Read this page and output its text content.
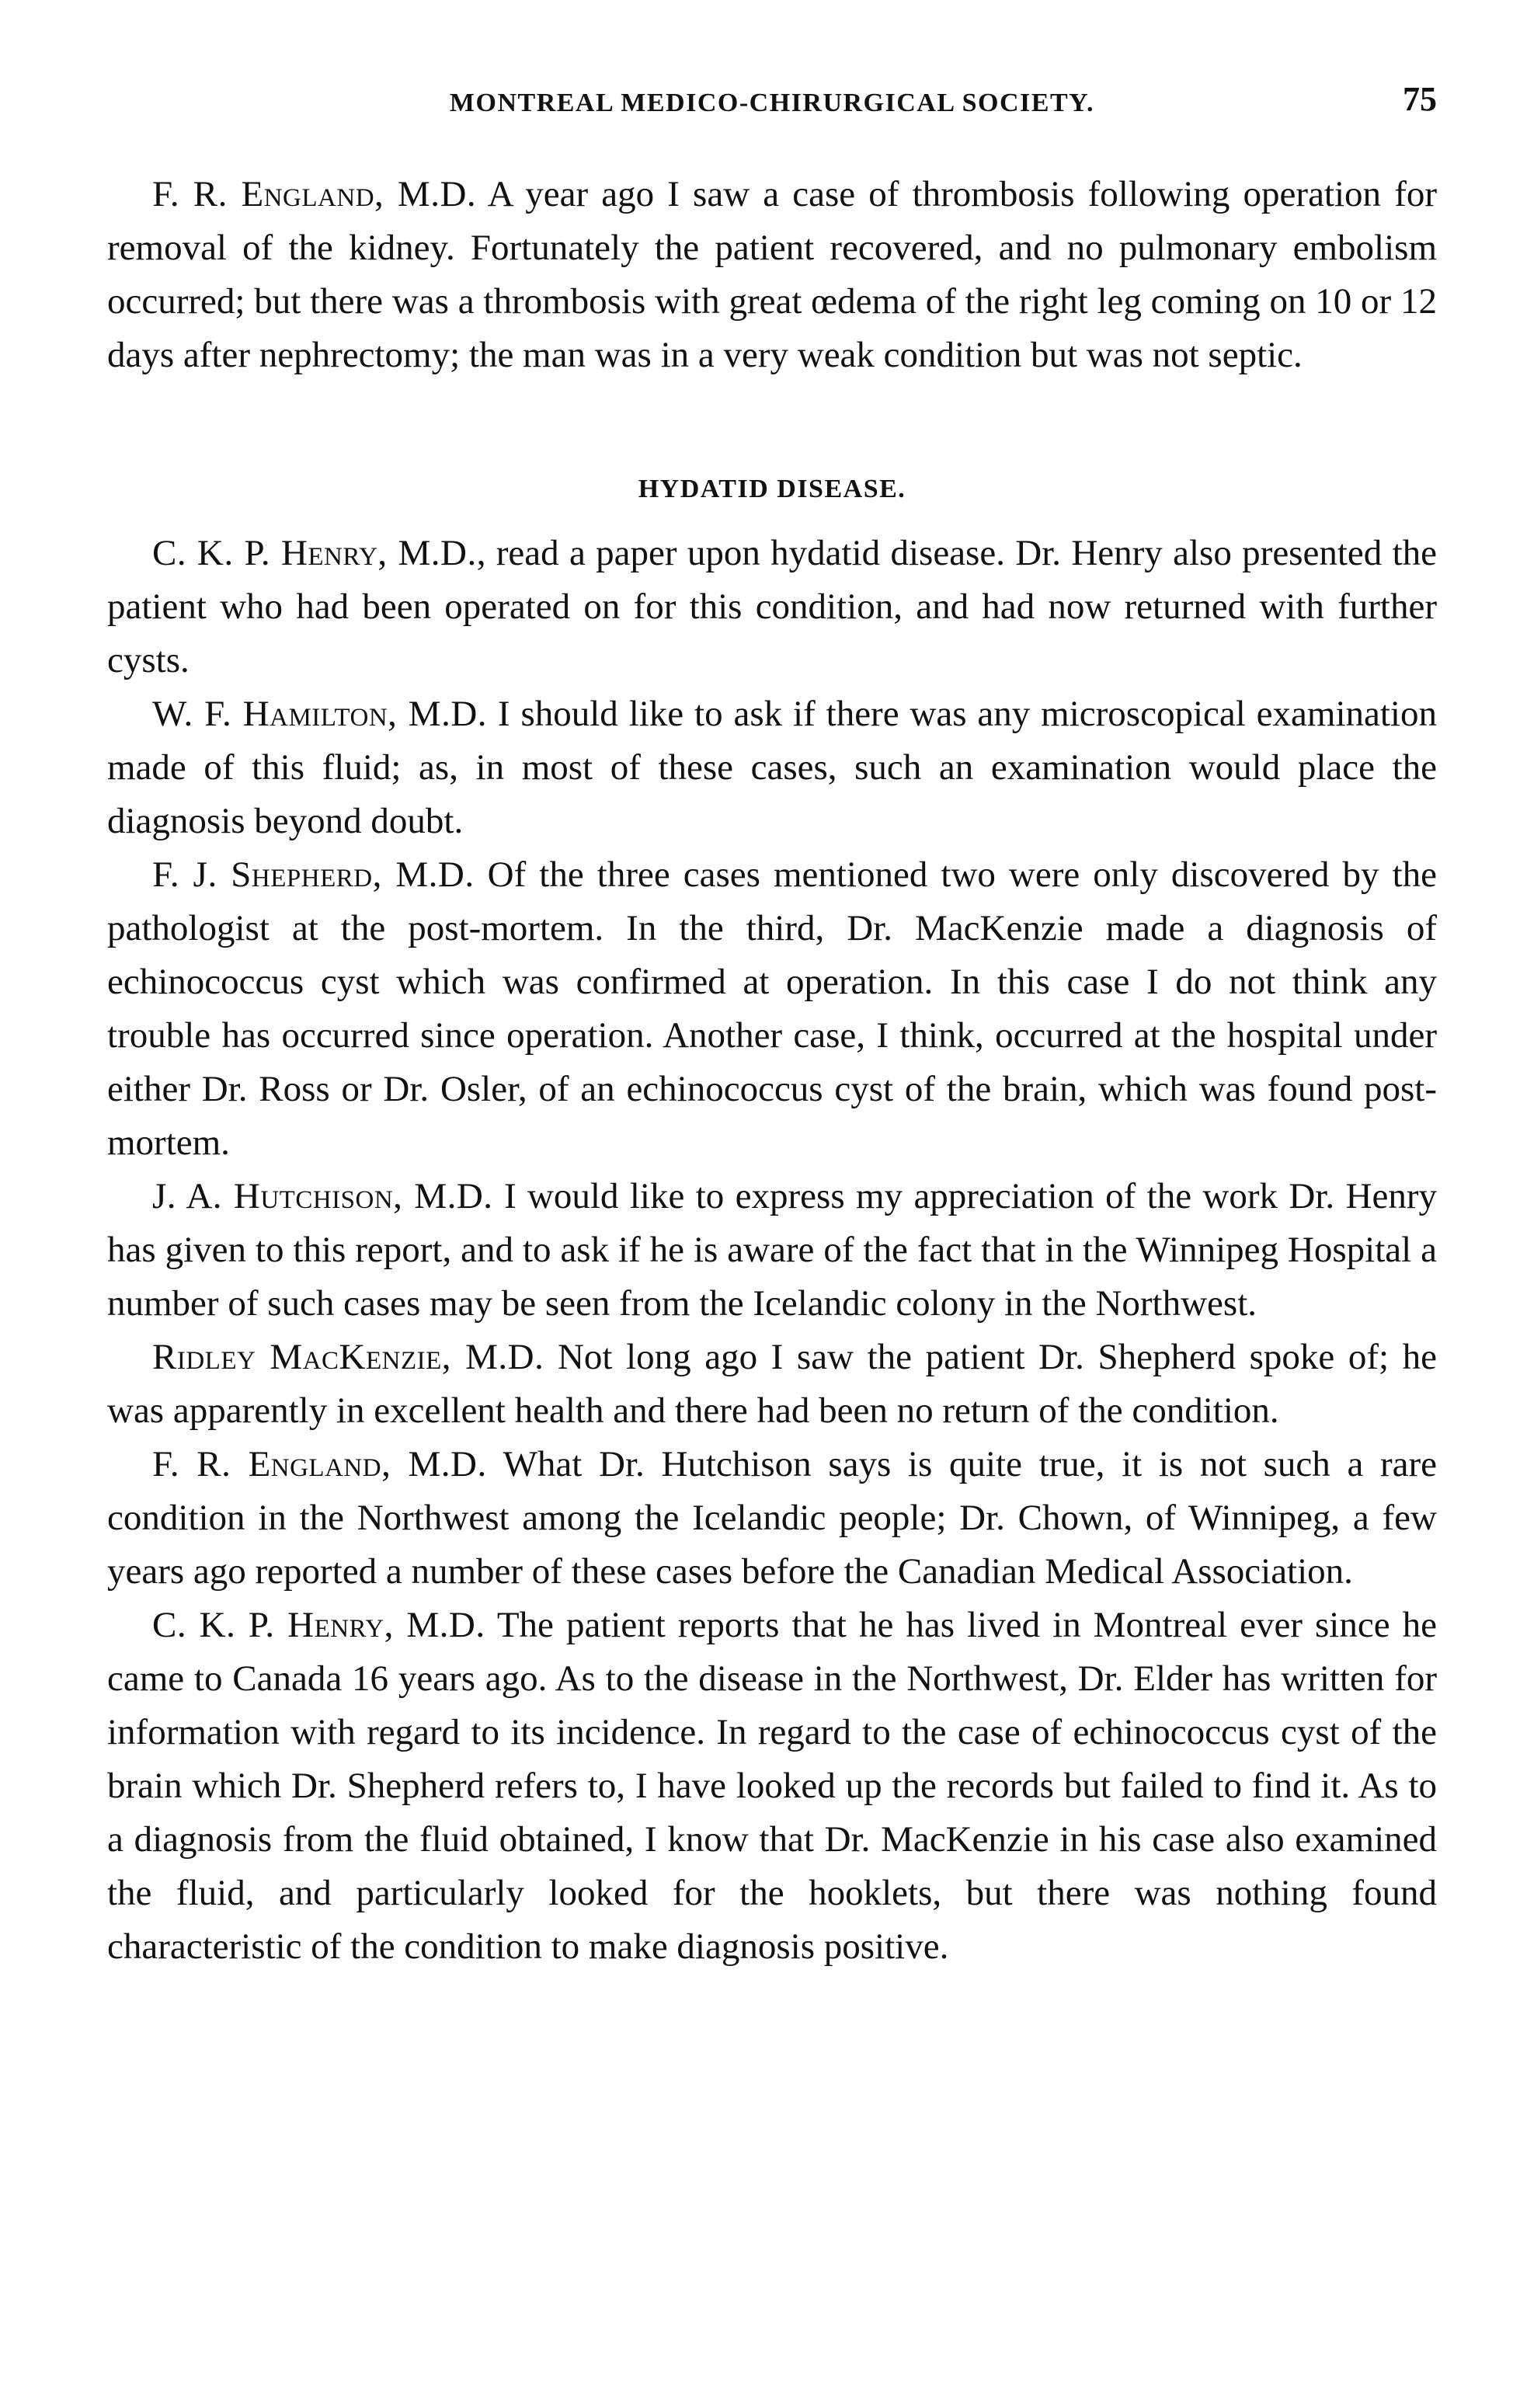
MONTREAL MEDICO-CHIRURGICAL SOCIETY.	75

F. R. England, M.D. A year ago I saw a case of thrombosis following operation for removal of the kidney. Fortunately the patient recovered, and no pulmonary embolism occurred; but there was a thrombosis with great œdema of the right leg coming on 10 or 12 days after nephrectomy; the man was in a very weak condition but was not septic.

HYDATID DISEASE.

C. K. P. Henry, M.D., read a paper upon hydatid disease. Dr. Henry also presented the patient who had been operated on for this condition, and had now returned with further cysts.

W. F. Hamilton, M.D. I should like to ask if there was any microscopical examination made of this fluid; as, in most of these cases, such an examination would place the diagnosis beyond doubt.

F. J. Shepherd, M.D. Of the three cases mentioned two were only discovered by the pathologist at the post-mortem. In the third, Dr. MacKenzie made a diagnosis of echinococcus cyst which was confirmed at operation. In this case I do not think any trouble has occurred since operation. Another case, I think, occurred at the hospital under either Dr. Ross or Dr. Osler, of an echinococcus cyst of the brain, which was found post-mortem.

J. A. Hutchison, M.D. I would like to express my appreciation of the work Dr. Henry has given to this report, and to ask if he is aware of the fact that in the Winnipeg Hospital a number of such cases may be seen from the Icelandic colony in the Northwest.

Ridley MacKenzie, M.D. Not long ago I saw the patient Dr. Shepherd spoke of; he was apparently in excellent health and there had been no return of the condition.

F. R. England, M.D. What Dr. Hutchison says is quite true, it is not such a rare condition in the Northwest among the Icelandic people; Dr. Chown, of Winnipeg, a few years ago reported a number of these cases before the Canadian Medical Association.

C. K. P. Henry, M.D. The patient reports that he has lived in Montreal ever since he came to Canada 16 years ago. As to the disease in the Northwest, Dr. Elder has written for information with regard to its incidence. In regard to the case of echinococcus cyst of the brain which Dr. Shepherd refers to, I have looked up the records but failed to find it. As to a diagnosis from the fluid obtained, I know that Dr. MacKenzie in his case also examined the fluid, and particularly looked for the hooklets, but there was nothing found characteristic of the condition to make diagnosis positive.
